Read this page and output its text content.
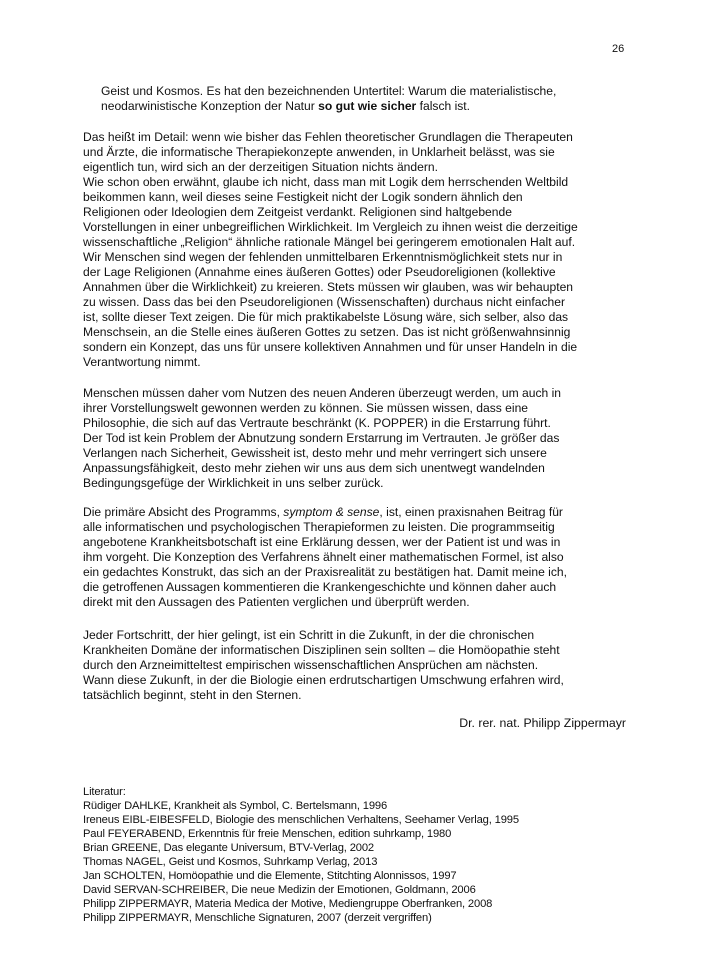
26
Geist und Kosmos. Es hat den bezeichnenden Untertitel: Warum die materialistische,
neodarwinistische Konzeption der Natur so gut wie sicher falsch ist.
Das heißt im Detail: wenn wie bisher das Fehlen theoretischer Grundlagen die Therapeuten
und Ärzte, die informatische Therapiekonzepte anwenden, in Unklarheit belässt, was sie
eigentlich tun, wird sich an der derzeitigen Situation nichts ändern.
Wie schon oben erwähnt, glaube ich nicht, dass man mit Logik dem herrschenden Weltbild
beikommen kann, weil dieses seine Festigkeit nicht der Logik sondern ähnlich den
Religionen oder Ideologien dem Zeitgeist verdankt. Religionen sind haltgebende
Vorstellungen in einer unbegreiflichen Wirklichkeit. Im Vergleich zu ihnen weist die derzeitige
wissenschaftliche „Religion“ ähnliche rationale Mängel bei geringerem emotionalen Halt auf.
Wir Menschen sind wegen der fehlenden unmittelbaren Erkenntnismöglichkeit stets nur in
der Lage Religionen (Annahme eines äußeren Gottes) oder Pseudoreligionen (kollektive
Annahmen über die Wirklichkeit) zu kreieren. Stets müssen wir glauben, was wir behaupten
zu wissen. Dass das bei den Pseudoreligionen (Wissenschaften) durchaus nicht einfacher
ist, sollte dieser Text zeigen. Die für mich praktikabelste Lösung wäre, sich selber, also das
Menschsein, an die Stelle eines äußeren Gottes zu setzen. Das ist nicht größenwahnsinnig
sondern ein Konzept, das uns für unsere kollektiven Annahmen und für unser Handeln in die
Verantwortung nimmt.
Menschen müssen daher vom Nutzen des neuen Anderen überzeugt werden, um auch in
ihrer Vorstellungswelt gewonnen werden zu können. Sie müssen wissen, dass eine
Philosophie, die sich auf das Vertraute beschränkt (K. POPPER) in die Erstarrung führt.
Der Tod ist kein Problem der Abnutzung sondern Erstarrung im Vertrauten. Je größer das
Verlangen nach Sicherheit, Gewissheit ist, desto mehr und mehr verringert sich unsere
Anpassungsfähigkeit, desto mehr ziehen wir uns aus dem sich unentwegt wandelnden
Bedingungsgefüge der Wirklichkeit in uns selber zurück.
Die primäre Absicht des Programms, symptom & sense, ist, einen praxisnahen Beitrag für
alle informatischen und psychologischen Therapieformen zu leisten. Die programmseitig
angebotene Krankheitsbotschaft ist eine Erklärung dessen, wer der Patient ist und was in
ihm vorgeht. Die Konzeption des Verfahrens ähnelt einer mathematischen Formel, ist also
ein gedachtes Konstrukt, das sich an der Praxisrealität zu bestätigen hat. Damit meine ich,
die getroffenen Aussagen kommentieren die Krankengeschichte und können daher auch
direkt mit den Aussagen des Patienten verglichen und überprüft werden.
Jeder Fortschritt, der hier gelingt, ist ein Schritt in die Zukunft, in der die chronischen
Krankheiten Domäne der informatischen Disziplinen sein sollten – die Homöopathie steht
durch den Arzneimitteltest empirischen wissenschaftlichen Ansprüchen am nächsten.
Wann diese Zukunft, in der die Biologie einen erdrutschartigen Umschwung erfahren wird,
tatsächlich beginnt, steht in den Sternen.
Dr. rer. nat. Philipp Zippermayr
Literatur:
Rüdiger DAHLKE, Krankheit als Symbol, C. Bertelsmann, 1996
Ireneus EIBL-EIBESFELD, Biologie des menschlichen Verhaltens, Seehamer Verlag, 1995
Paul FEYERABEND, Erkenntnis für freie Menschen, edition suhrkamp, 1980
Brian GREENE, Das elegante Universum, BTV-Verlag, 2002
Thomas NAGEL, Geist und Kosmos, Suhrkamp Verlag, 2013
Jan SCHOLTEN, Homöopathie und die Elemente, Stitchting Alonnissos, 1997
David SERVAN-SCHREIBER, Die neue Medizin der Emotionen, Goldmann, 2006
Philipp ZIPPERMAYR, Materia Medica der Motive, Mediengruppe Oberfranken, 2008
Philipp ZIPPERMAYR, Menschliche Signaturen, 2007 (derzeit vergriffen)
